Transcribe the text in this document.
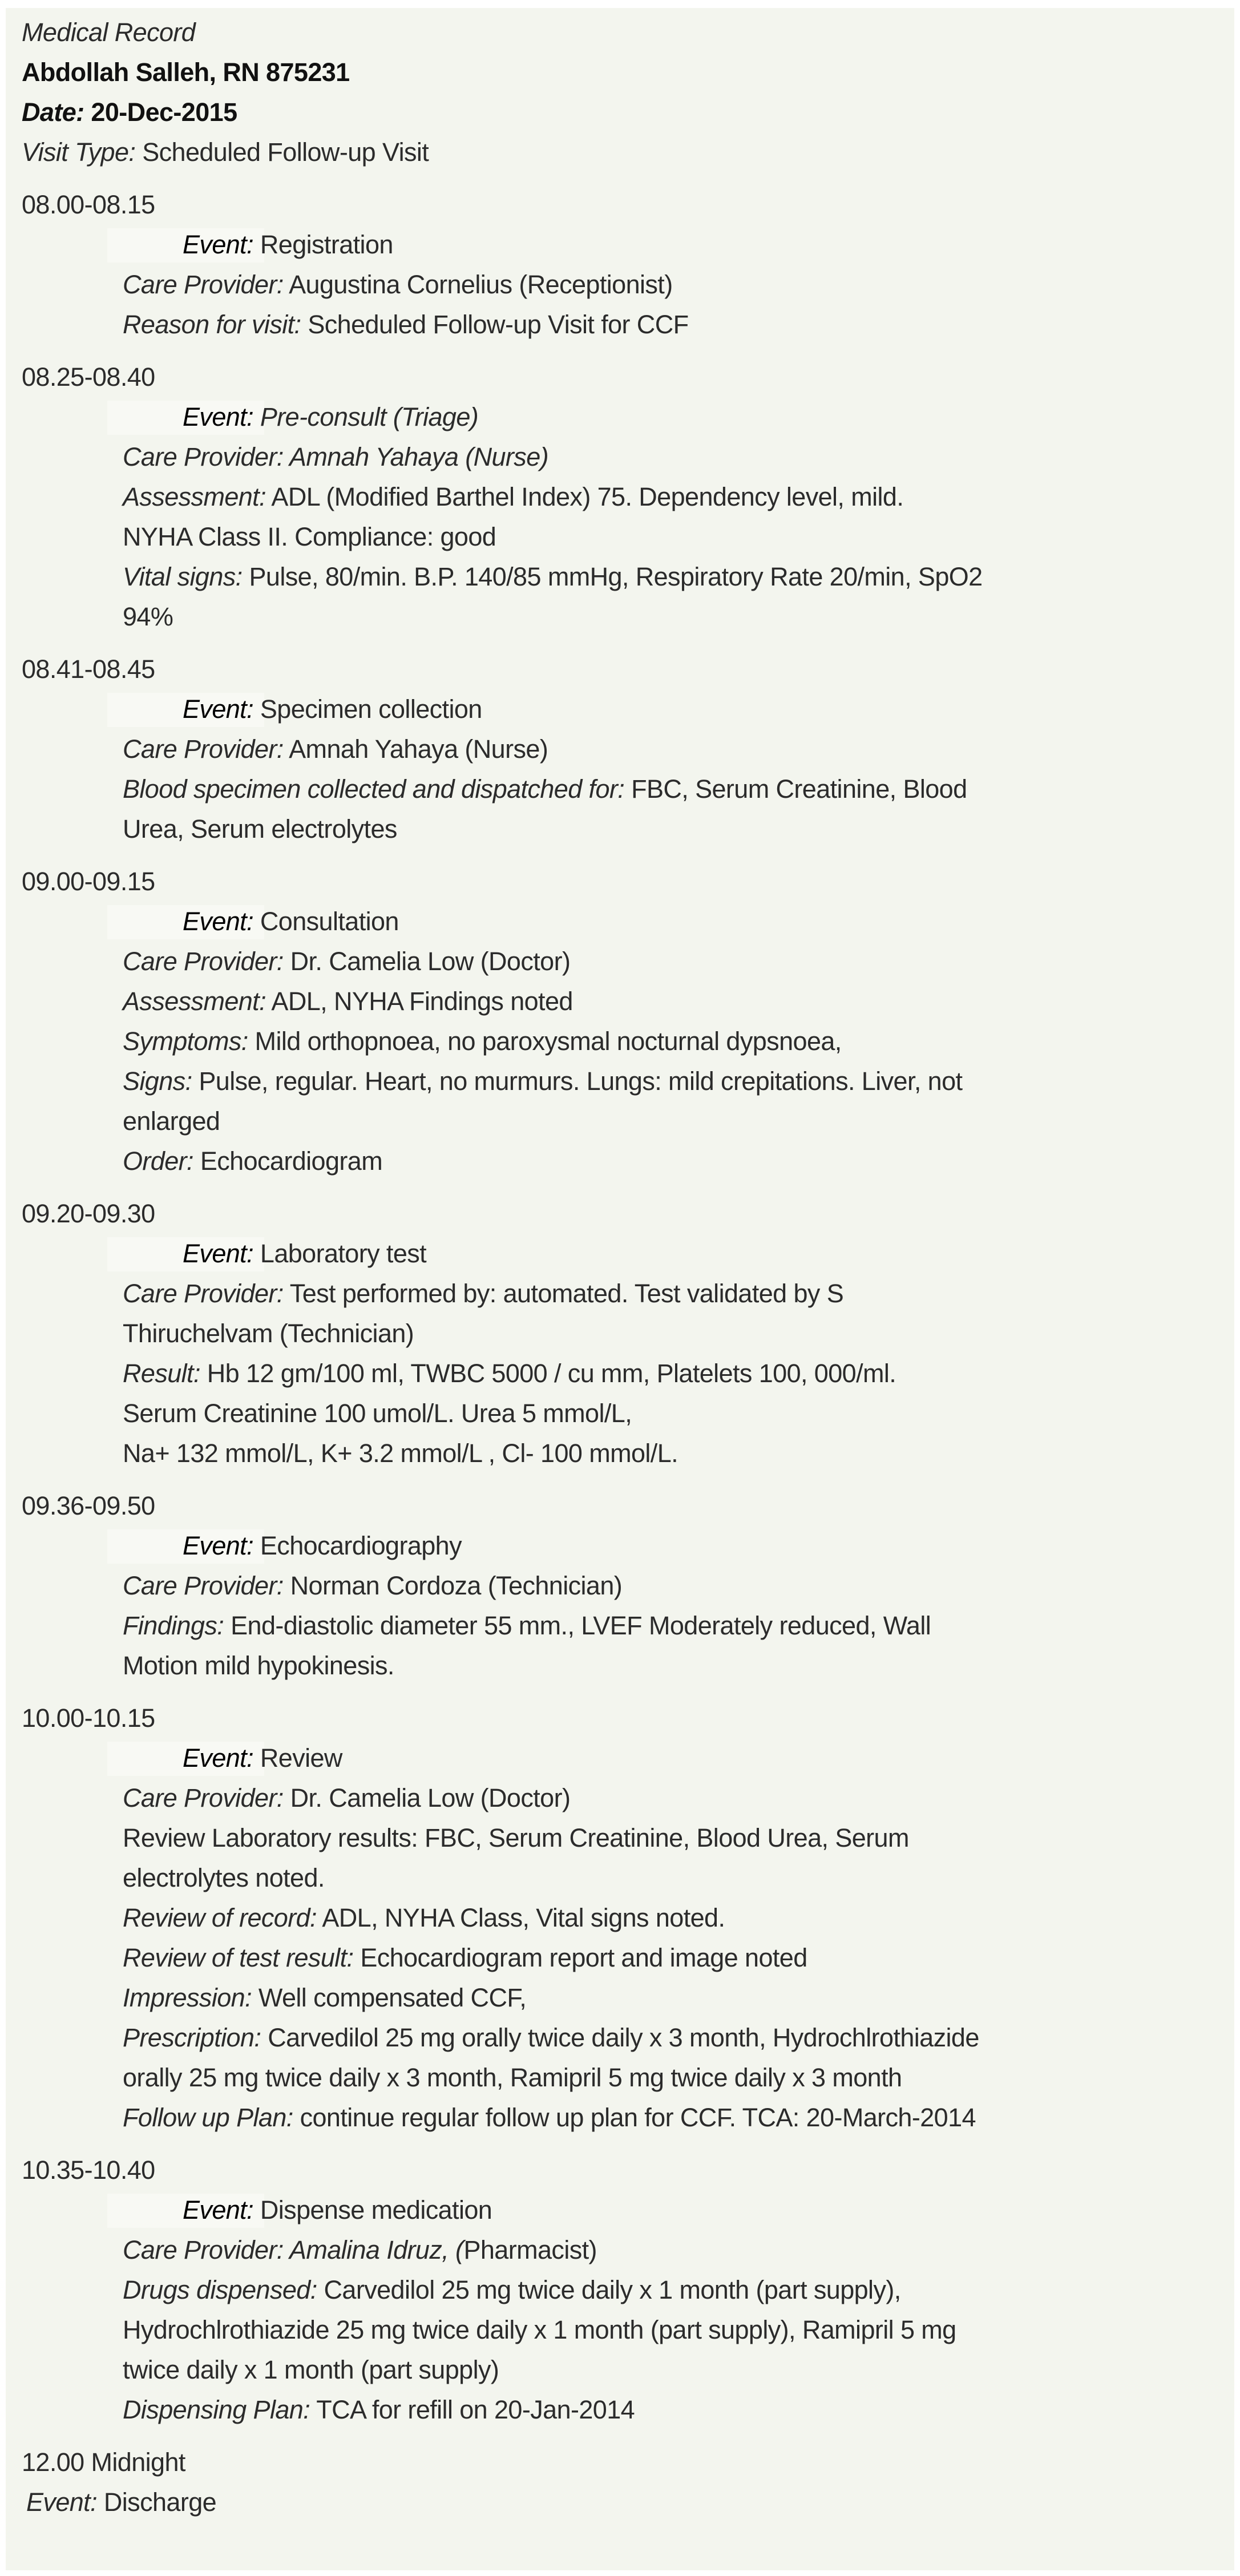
Medical Record
Abdollah Salleh, RN 875231
Date: 20-Dec-2015
Visit Type: Scheduled Follow-up Visit
08.00-08.15
Event: Registration
Care Provider: Augustina Cornelius (Receptionist)
Reason for visit: Scheduled Follow-up Visit for CCF
08.25-08.40
Event: Pre-consult (Triage)
Care Provider: Amnah Yahaya (Nurse)
Assessment: ADL (Modified Barthel Index) 75. Dependency level, mild.
NYHA Class II. Compliance: good
Vital signs: Pulse, 80/min. B.P. 140/85 mmHg, Respiratory Rate 20/min, SpO2
94%
08.41-08.45
Event: Specimen collection
Care Provider: Amnah Yahaya (Nurse)
Blood specimen collected and dispatched for: FBC, Serum Creatinine, Blood
Urea, Serum electrolytes
09.00-09.15
Event: Consultation
Care Provider: Dr. Camelia Low (Doctor)
Assessment: ADL, NYHA Findings noted
Symptoms: Mild orthopnoea, no paroxysmal nocturnal dypsnoea,
Signs: Pulse, regular. Heart, no murmurs. Lungs: mild crepitations. Liver, not
enlarged
Order: Echocardiogram
09.20-09.30
Event: Laboratory test
Care Provider: Test performed by: automated. Test validated by S
Thiruchelvam (Technician)
Result: Hb 12 gm/100 ml, TWBC 5000 / cu mm, Platelets 100, 000/ml.
Serum Creatinine 100 umol/L. Urea 5 mmol/L,
Na+ 132 mmol/L, K+ 3.2 mmol/L , Cl- 100 mmol/L.
09.36-09.50
Event: Echocardiography
Care Provider: Norman Cordoza (Technician)
Findings: End-diastolic diameter 55 mm., LVEF Moderately reduced, Wall
Motion mild hypokinesis.
10.00-10.15
Event: Review
Care Provider: Dr. Camelia Low (Doctor)
Review Laboratory results: FBC, Serum Creatinine, Blood Urea, Serum
electrolytes noted.
Review of record: ADL, NYHA Class, Vital signs noted.
Review of test result: Echocardiogram report and image noted
Impression: Well compensated CCF,
Prescription: Carvedilol 25 mg orally twice daily x 3 month, Hydrochlrothiazide
orally 25 mg twice daily x 3 month, Ramipril 5 mg twice daily x 3 month
Follow up Plan: continue regular follow up plan for CCF. TCA: 20-March-2014
10.35-10.40
Event: Dispense medication
Care Provider: Amalina Idruz, (Pharmacist)
Drugs dispensed: Carvedilol 25 mg twice daily x 1 month (part supply),
Hydrochlrothiazide 25 mg twice daily x 1 month (part supply), Ramipril 5 mg
twice daily x 1 month (part supply)
Dispensing Plan: TCA for refill on 20-Jan-2014
12.00 Midnight
Event: Discharge
